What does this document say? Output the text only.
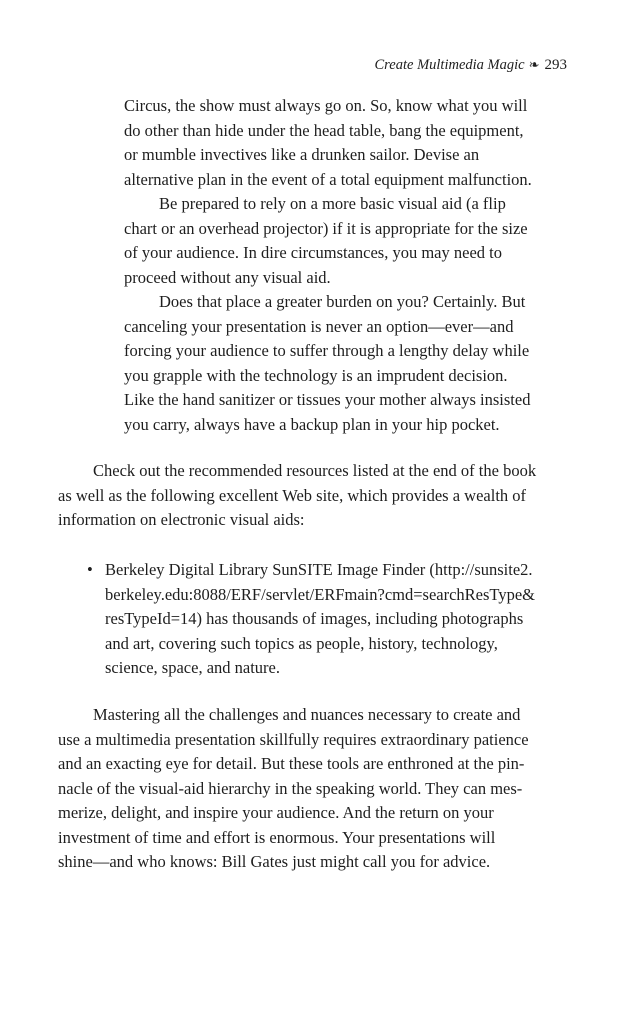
Create Multimedia Magic ❧ 293

Circus, the show must always go on. So, know what you will
do other than hide under the head table, bang the equipment,
or mumble invectives like a drunken sailor. Devise an
alternative plan in the event of a total equipment malfunction.

Be prepared to rely on a more basic visual aid (a flip
chart or an overhead projector) if it is appropriate for the size
of your audience. In dire circumstances, you may need to
proceed without any visual aid.

Does that place a greater burden on you? Certainly. But
canceling your presentation is never an option—ever—and
forcing your audience to suffer through a lengthy delay while
you grapple with the technology is an imprudent decision.
Like the hand sanitizer or tissues your mother always insisted
you carry, always have a backup plan in your hip pocket.

Check out the recommended resources listed at the end of the book
as well as the following excellent Web site, which provides a wealth of
information on electronic visual aids:

• Berkeley Digital Library SunSITE Image Finder (http://sunsite2.
berkeley.edu:8088/ERF/servlet/ERFmain?cmd=searchResType&
resTypeId=14) has thousands of images, including photographs
and art, covering such topics as people, history, technology,
science, space, and nature.

Mastering all the challenges and nuances necessary to create and
use a multimedia presentation skillfully requires extraordinary patience
and an exacting eye for detail. But these tools are enthroned at the pin-
nacle of the visual-aid hierarchy in the speaking world. They can mes-
merize, delight, and inspire your audience. And the return on your
investment of time and effort is enormous. Your presentations will
shine—and who knows: Bill Gates just might call you for advice.
